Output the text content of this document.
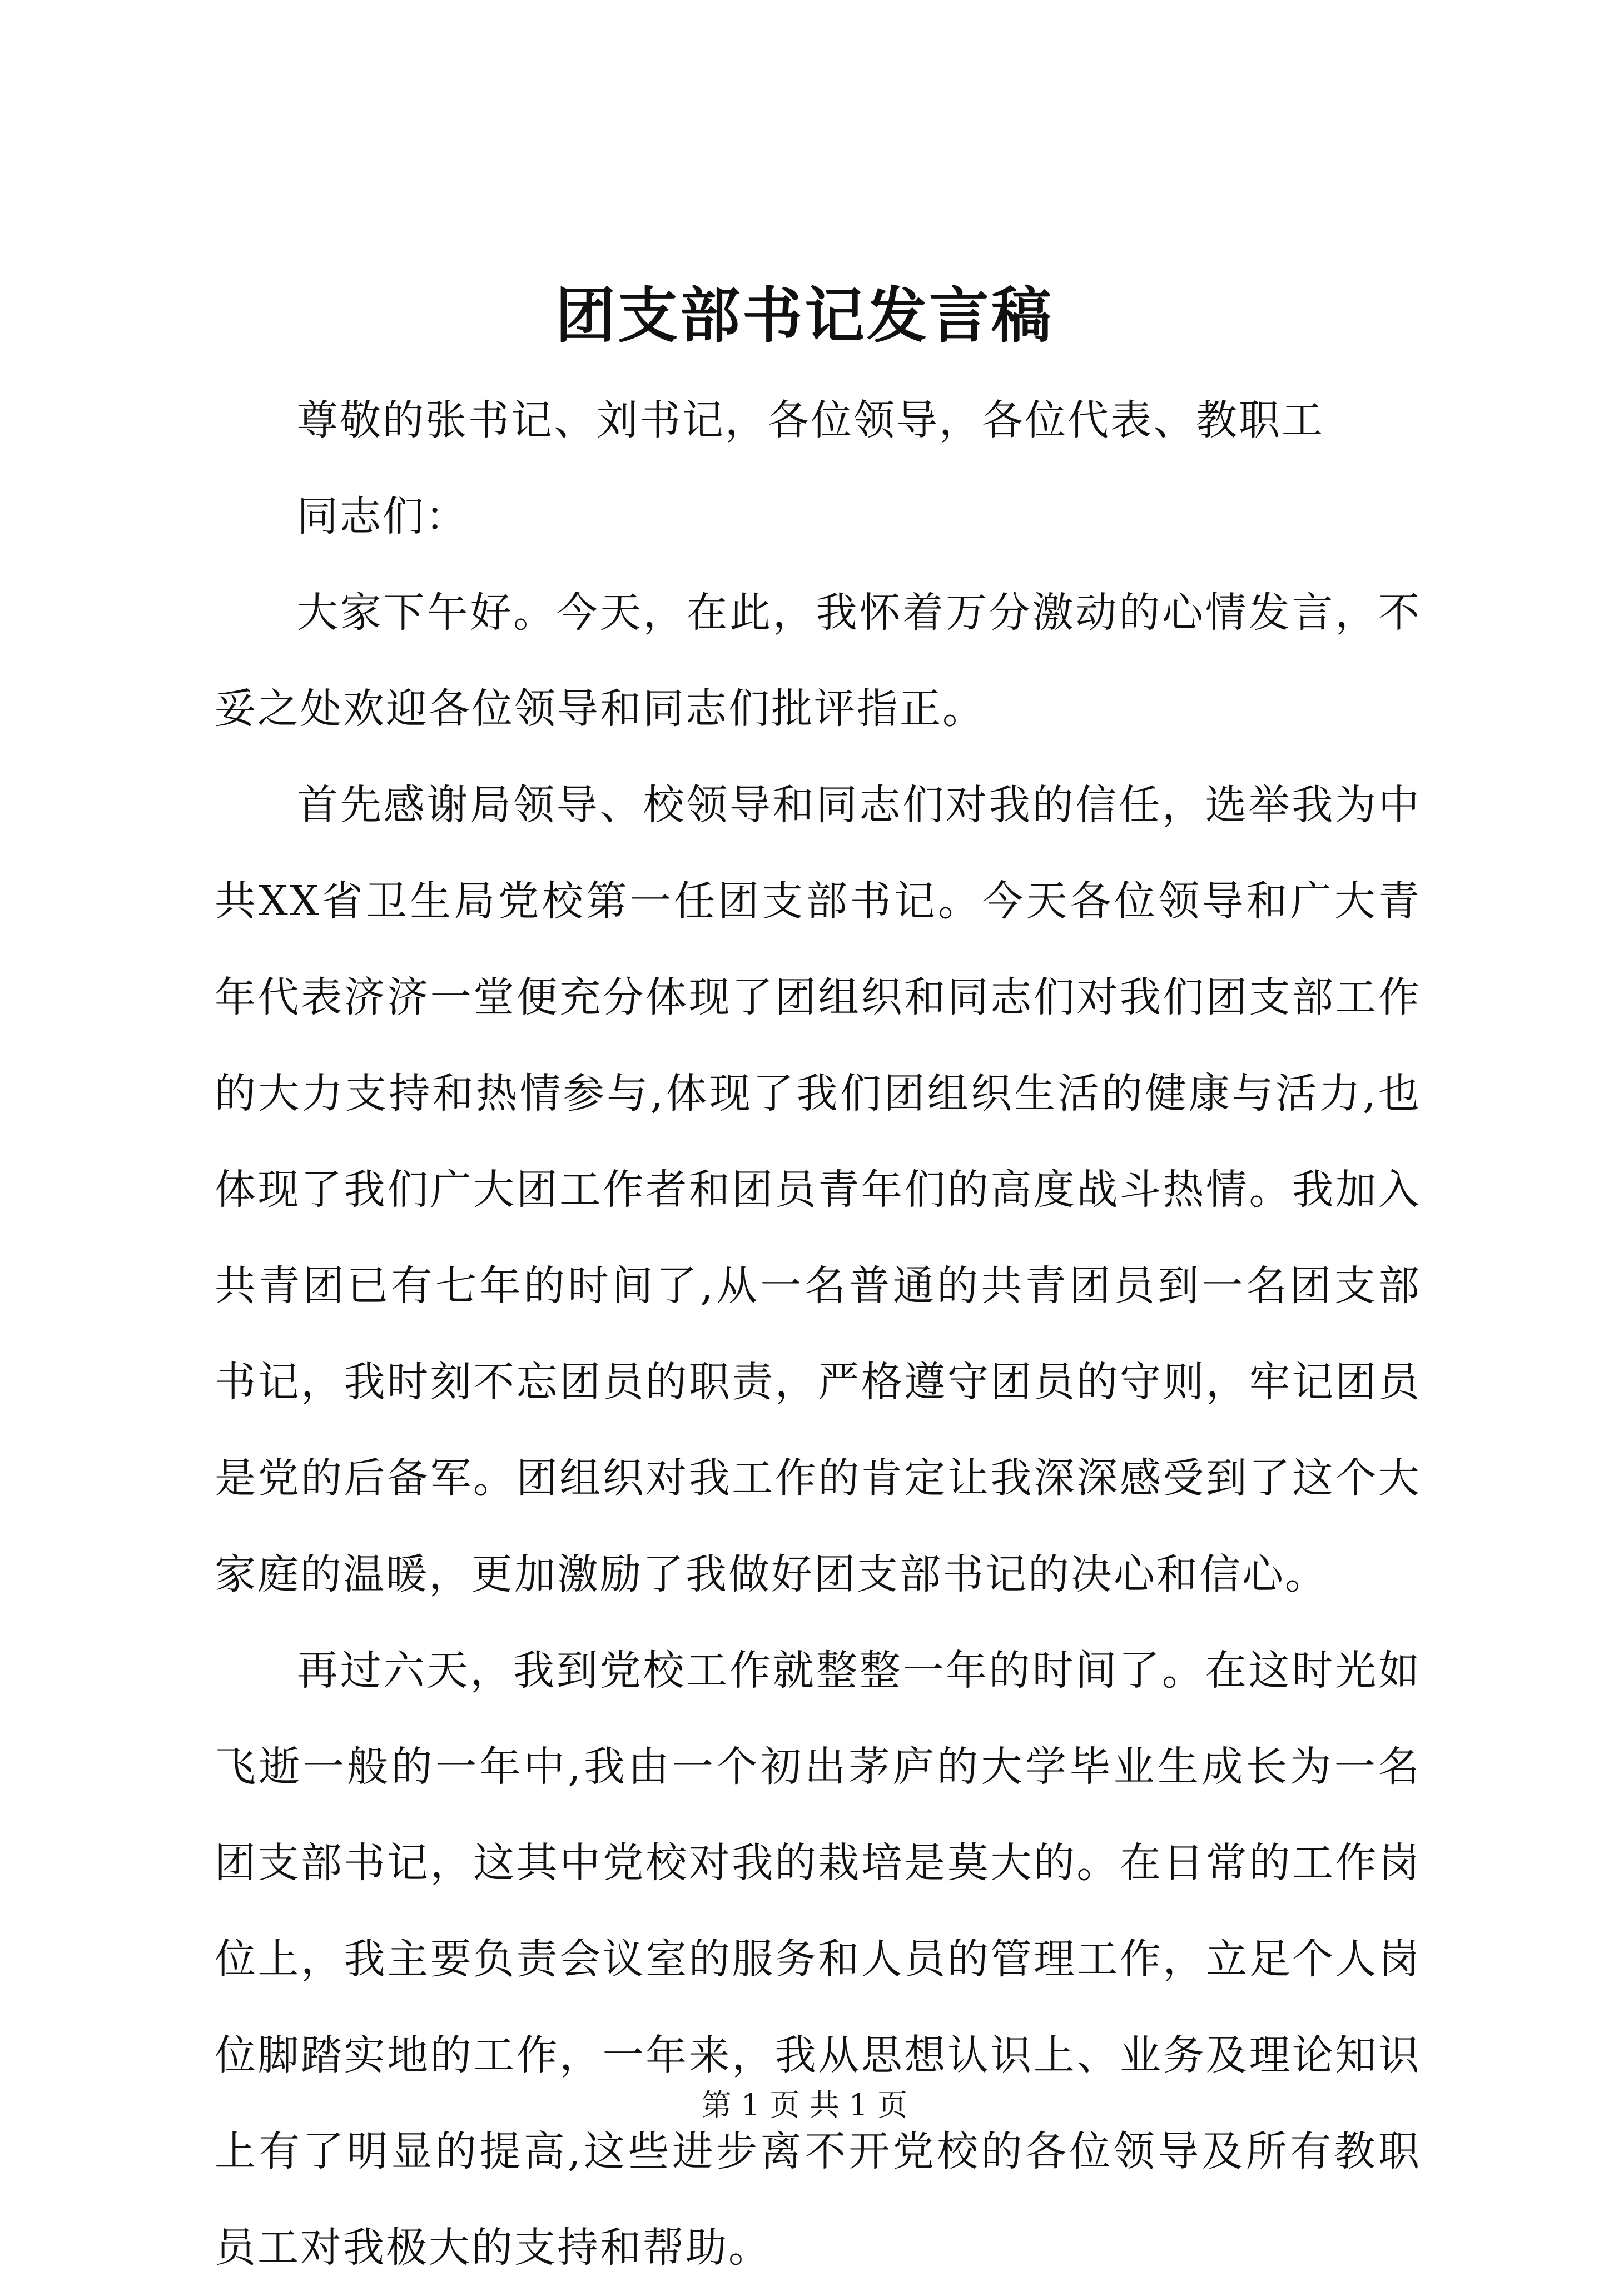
团支部书记发言稿

尊敬的张书记、刘书记，各位领导，各位代表、教职工

同志们：

大家下午好。今天，在此，我怀着万分激动的心情发言，不妥之处欢迎各位领导和同志们批评指正。

首先感谢局领导、校领导和同志们对我的信任，选举我为中共XX省卫生局党校第一任团支部书记。今天各位领导和广大青年代表济济一堂便充分体现了团组织和同志们对我们团支部工作的大力支持和热情参与,体现了我们团组织生活的健康与活力,也体现了我们广大团工作者和团员青年们的高度战斗热情。我加入共青团已有七年的时间了,从一名普通的共青团员到一名团支部书记，我时刻不忘团员的职责，严格遵守团员的守则，牢记团员是党的后备军。团组织对我工作的肯定让我深深感受到了这个大家庭的温暖，更加激励了我做好团支部书记的决心和信心。

再过六天，我到党校工作就整整一年的时间了。在这时光如飞逝一般的一年中,我由一个初出茅庐的大学毕业生成长为一名团支部书记，这其中党校对我的栽培是莫大的。在日常的工作岗位上，我主要负责会议室的服务和人员的管理工作，立足个人岗位脚踏实地的工作，一年来，我从思想认识上、业务及理论知识上有了明显的提高,这些进步离不开党校的各位领导及所有教职员工对我极大的支持和帮助。

第 1 页 共 1 页
